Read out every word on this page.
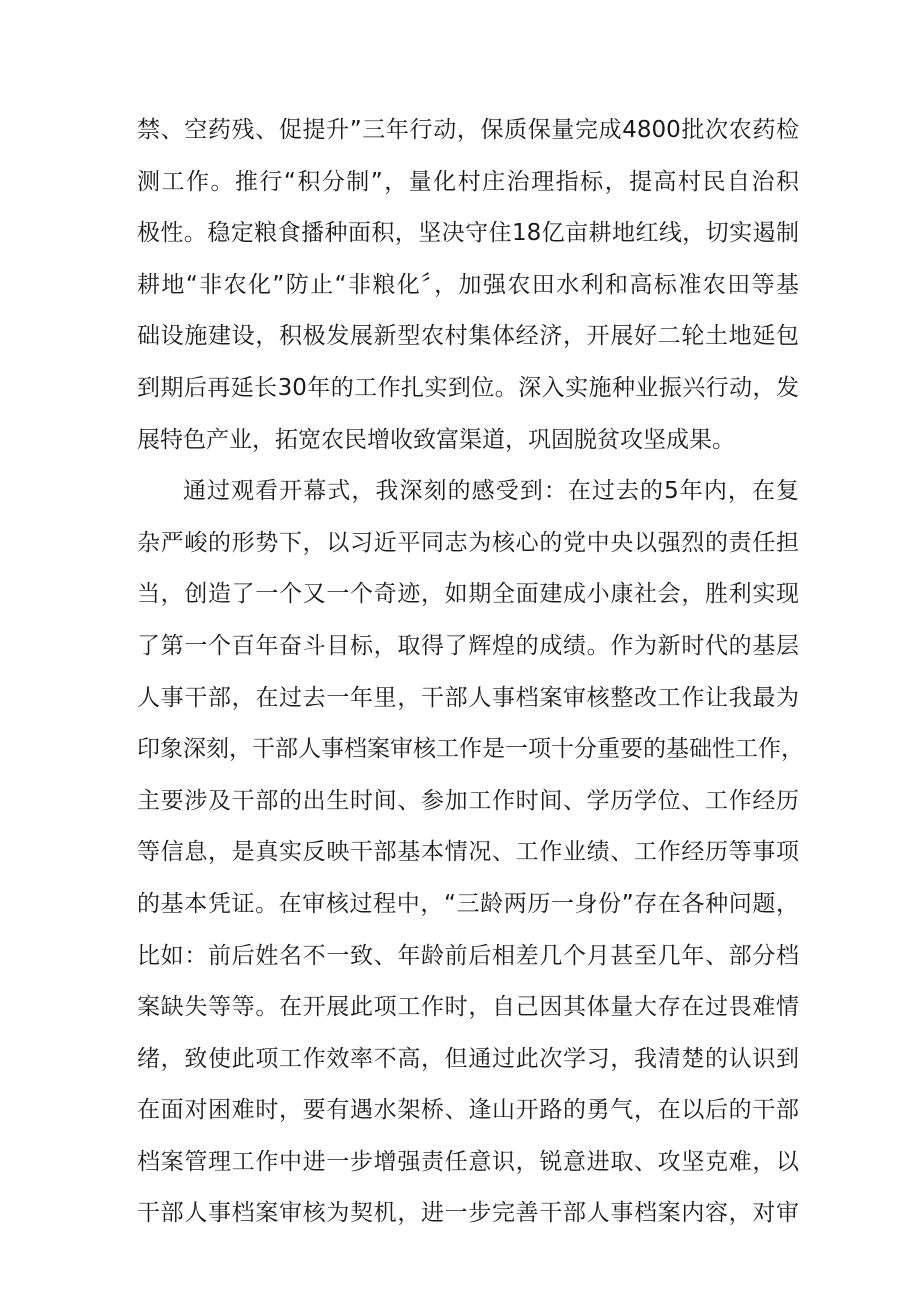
禁、空药残、促提升”三年行动，保质保量完成4800批次农药检
测工作。推行“积分制”，量化村庄治理指标，提高村民自治积
极性。稳定粮食播种面积，坚决守住18亿亩耕地红线，切实遏制
耕地“非农化”防止“非粮化〞，加强农田水利和高标准农田等基
础设施建设，积极发展新型农村集体经济，开展好二轮土地延包
到期后再延长30年的工作扎实到位。深入实施种业振兴行动，发
展特色产业，拓宽农民增收致富渠道，巩固脱贫攻坚成果。
通过观看开幕式，我深刻的感受到：在过去的5年内，在复
杂严峻的形势下，以习近平同志为核心的党中央以强烈的责任担
当，创造了一个又一个奇迹，如期全面建成小康社会，胜利实现
了第一个百年奋斗目标，取得了辉煌的成绩。作为新时代的基层
人事干部，在过去一年里，干部人事档案审核整改工作让我最为
印象深刻，干部人事档案审核工作是一项十分重要的基础性工作，
主要涉及干部的出生时间、参加工作时间、学历学位、工作经历
等信息，是真实反映干部基本情况、工作业绩、工作经历等事项
的基本凭证。在审核过程中，“三龄两历一身份”存在各种问题，
比如：前后姓名不一致、年龄前后相差几个月甚至几年、部分档
案缺失等等。在开展此项工作时，自己因其体量大存在过畏难情
绪，致使此项工作效率不高，但通过此次学习，我清楚的认识到
在面对困难时，要有遇水架桥、逢山开路的勇气，在以后的干部
档案管理工作中进一步增强责任意识，锐意进取、攻坚克难，以
干部人事档案审核为契机，进一步完善干部人事档案内容，对审
